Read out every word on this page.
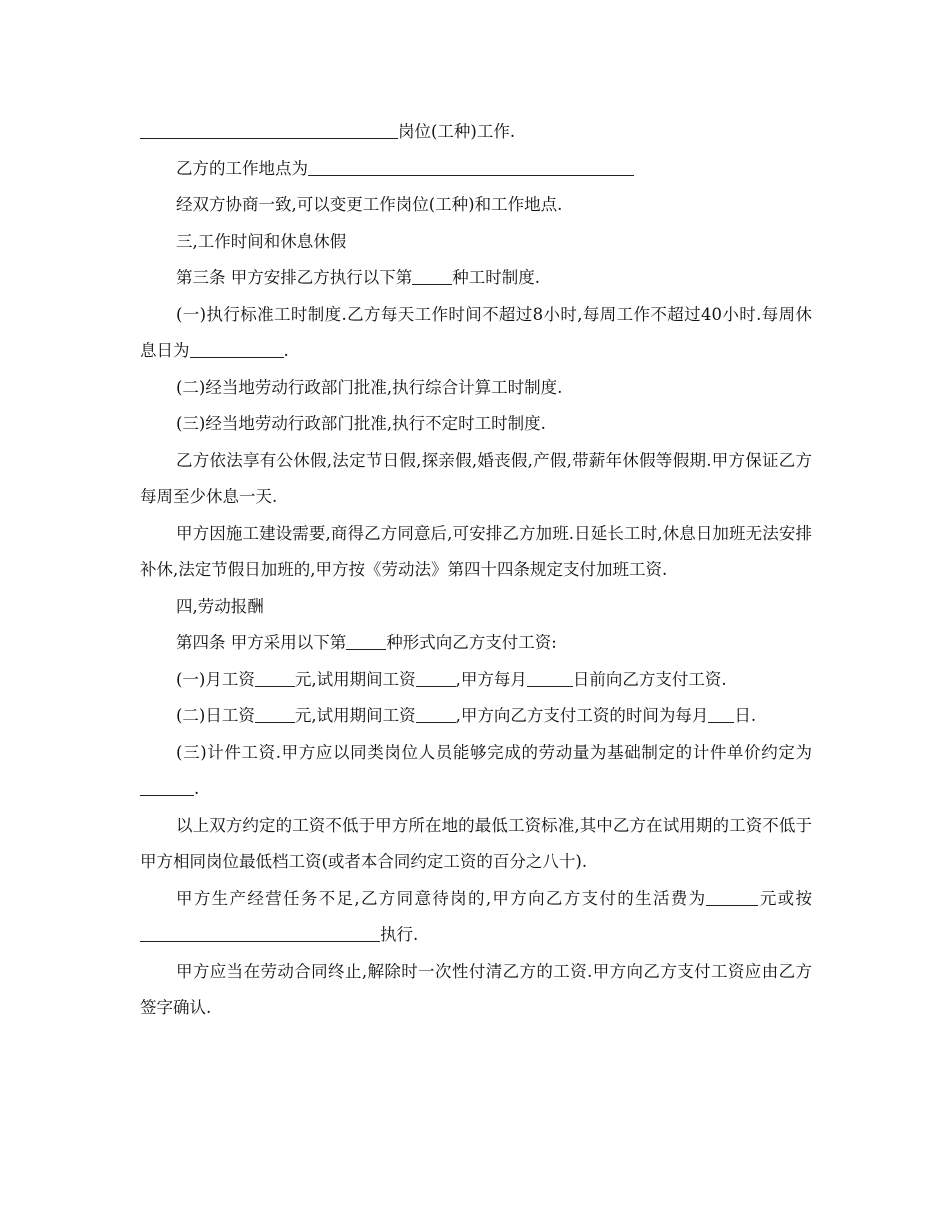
岗位(工种)工作.

乙方的工作地点为

经双方协商一致,可以变更工作岗位(工种)和工作地点.

三,工作时间和休息休假

第三条 甲方安排乙方执行以下第 种工时制度.

(一)执行标准工时制度.乙方每天工作时间不超过8小时,每周工作不超过40小时.每周休息日为	.

(二)经当地劳动行政部门批准,执行综合计算工时制度.

(三)经当地劳动行政部门批准,执行不定时工时制度.

乙方依法享有公休假,法定节日假,探亲假,婚丧假,产假,带薪年休假等假期.甲方保证乙方每周至少休息一天.

甲方因施工建设需要,商得乙方同意后,可安排乙方加班.日延长工时,休息日加班无法安排补休,法定节假日加班的,甲方按《劳动法》第四十四条规定支付加班工资.

四,劳动报酬

第四条 甲方采用以下第 种形式向乙方支付工资:

(一)月工资 元,试用期间工资 ,甲方每月	日前向乙方支付工资.

(二)日工资 元,试用期间工资 ,甲方向乙方支付工资的时间为每月 日.

(三)计件工资.甲方应以同类岗位人员能够完成的劳动量为基础制定的计件单价约定为.

以上双方约定的工资不低于甲方所在地的最低工资标准,其中乙方在试用期的工资不低于甲方相同岗位最低档工资(或者本合同约定工资的百分之八十).

甲方生产经营任务不足,乙方同意待岗的,甲方向乙方支付的生活费为	元或按执行.

甲方应当在劳动合同终止,解除时一次性付清乙方的工资.甲方向乙方支付工资应由乙方签字确认.
